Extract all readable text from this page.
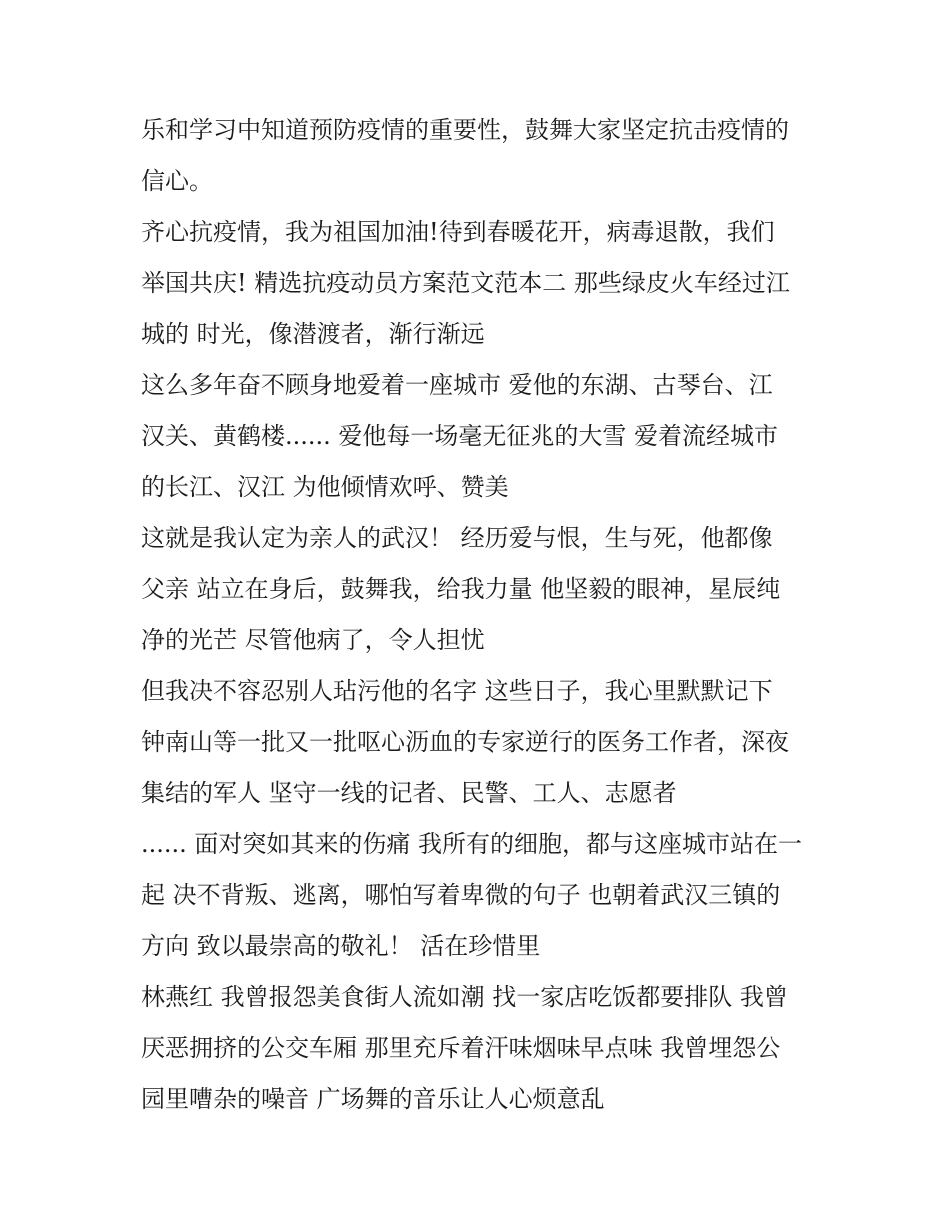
乐和学习中知道预防疫情的重要性，鼓舞大家坚定抗击疫情的
信心。
齐心抗疫情，我为祖国加油!待到春暖花开，病毒退散，我们
举国共庆! 精选抗疫动员方案范文范本二 那些绿皮火车经过江
城的 时光，像潜渡者，渐行渐远
这么多年奋不顾身地爱着一座城市 爱他的东湖、古琴台、江
汉关、黄鹤楼...... 爱他每一场毫无征兆的大雪 爱着流经城市
的长江、汉江 为他倾情欢呼、赞美
这就是我认定为亲人的武汉！ 经历爱与恨，生与死，他都像
父亲 站立在身后，鼓舞我，给我力量 他坚毅的眼神，星辰纯
净的光芒 尽管他病了，令人担忧
但我决不容忍别人玷污他的名字 这些日子，我心里默默记下
钟南山等一批又一批呕心沥血的专家逆行的医务工作者，深夜
集结的军人 坚守一线的记者、民警、工人、志愿者
...... 面对突如其来的伤痛 我所有的细胞，都与这座城市站在一
起 决不背叛、逃离，哪怕写着卑微的句子 也朝着武汉三镇的
方向 致以最崇高的敬礼！ 活在珍惜里
林燕红 我曾报怨美食街人流如潮 找一家店吃饭都要排队 我曾
厌恶拥挤的公交车厢 那里充斥着汗味烟味早点味 我曾埋怨公
园里嘈杂的噪音 广场舞的音乐让人心烦意乱
